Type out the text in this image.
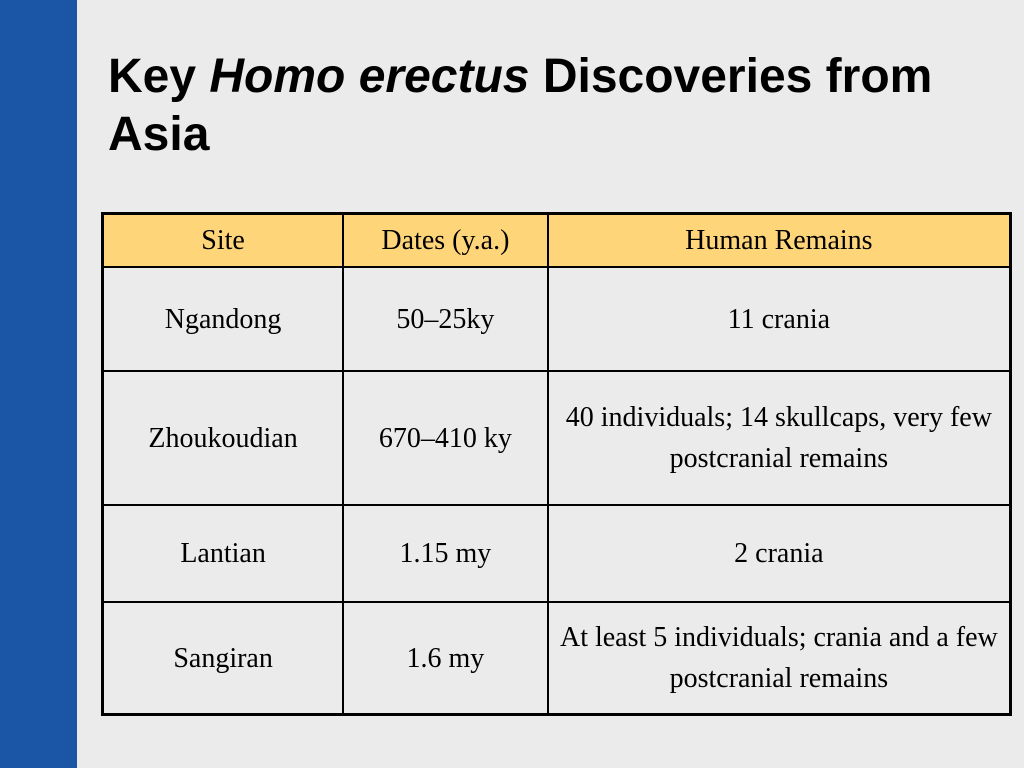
Key Homo erectus Discoveries from Asia
Site	Dates (y.a.)	Human Remains
Ngandong	50–25ky	11 crania
Zhoukoudian	670–410 ky	40 individuals; 14 skullcaps, very few postcranial remains
Lantian	1.15 my	2 crania
Sangiran	1.6 my	At least 5 individuals; crania and a few postcranial remains
